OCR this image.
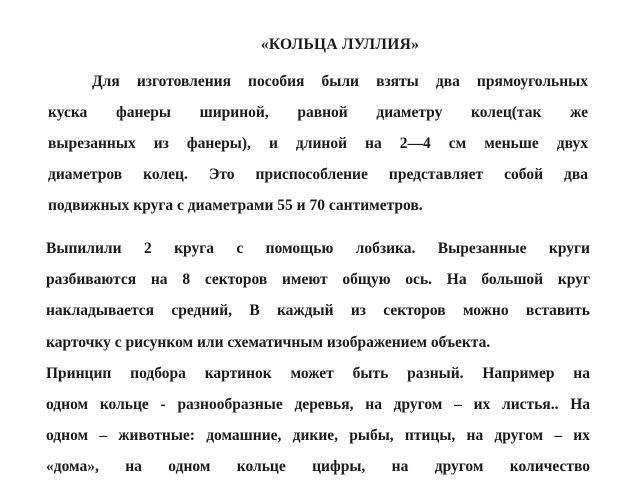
«КОЛЬЦА ЛУЛЛИЯ»
Для изготовления пособия были взяты два прямоугольных
куска фанеры шириной, равной диаметру колец(так же
вырезанных из фанеры), и длиной на 2—4 см меньше двух
диаметров колец. Это приспособление представляет собой два
подвижных круга с диаметрами 55 и 70 сантиметров.
Выпилили 2 круга с помощью лобзика. Вырезанные круги
разбиваются на 8 секторов имеют общую ось. На большой круг
накладывается средний, В каждый из секторов можно вставить
карточку с рисунком или схематичным изображением объекта.
Принцип подбора картинок может быть разный. Например на
одном кольце - разнообразные деревья, на другом – их листья.. На
одном – животные: домашние, дикие, рыбы, птицы, на другом – их
«дома», на одном кольце цифры, на другом количество
